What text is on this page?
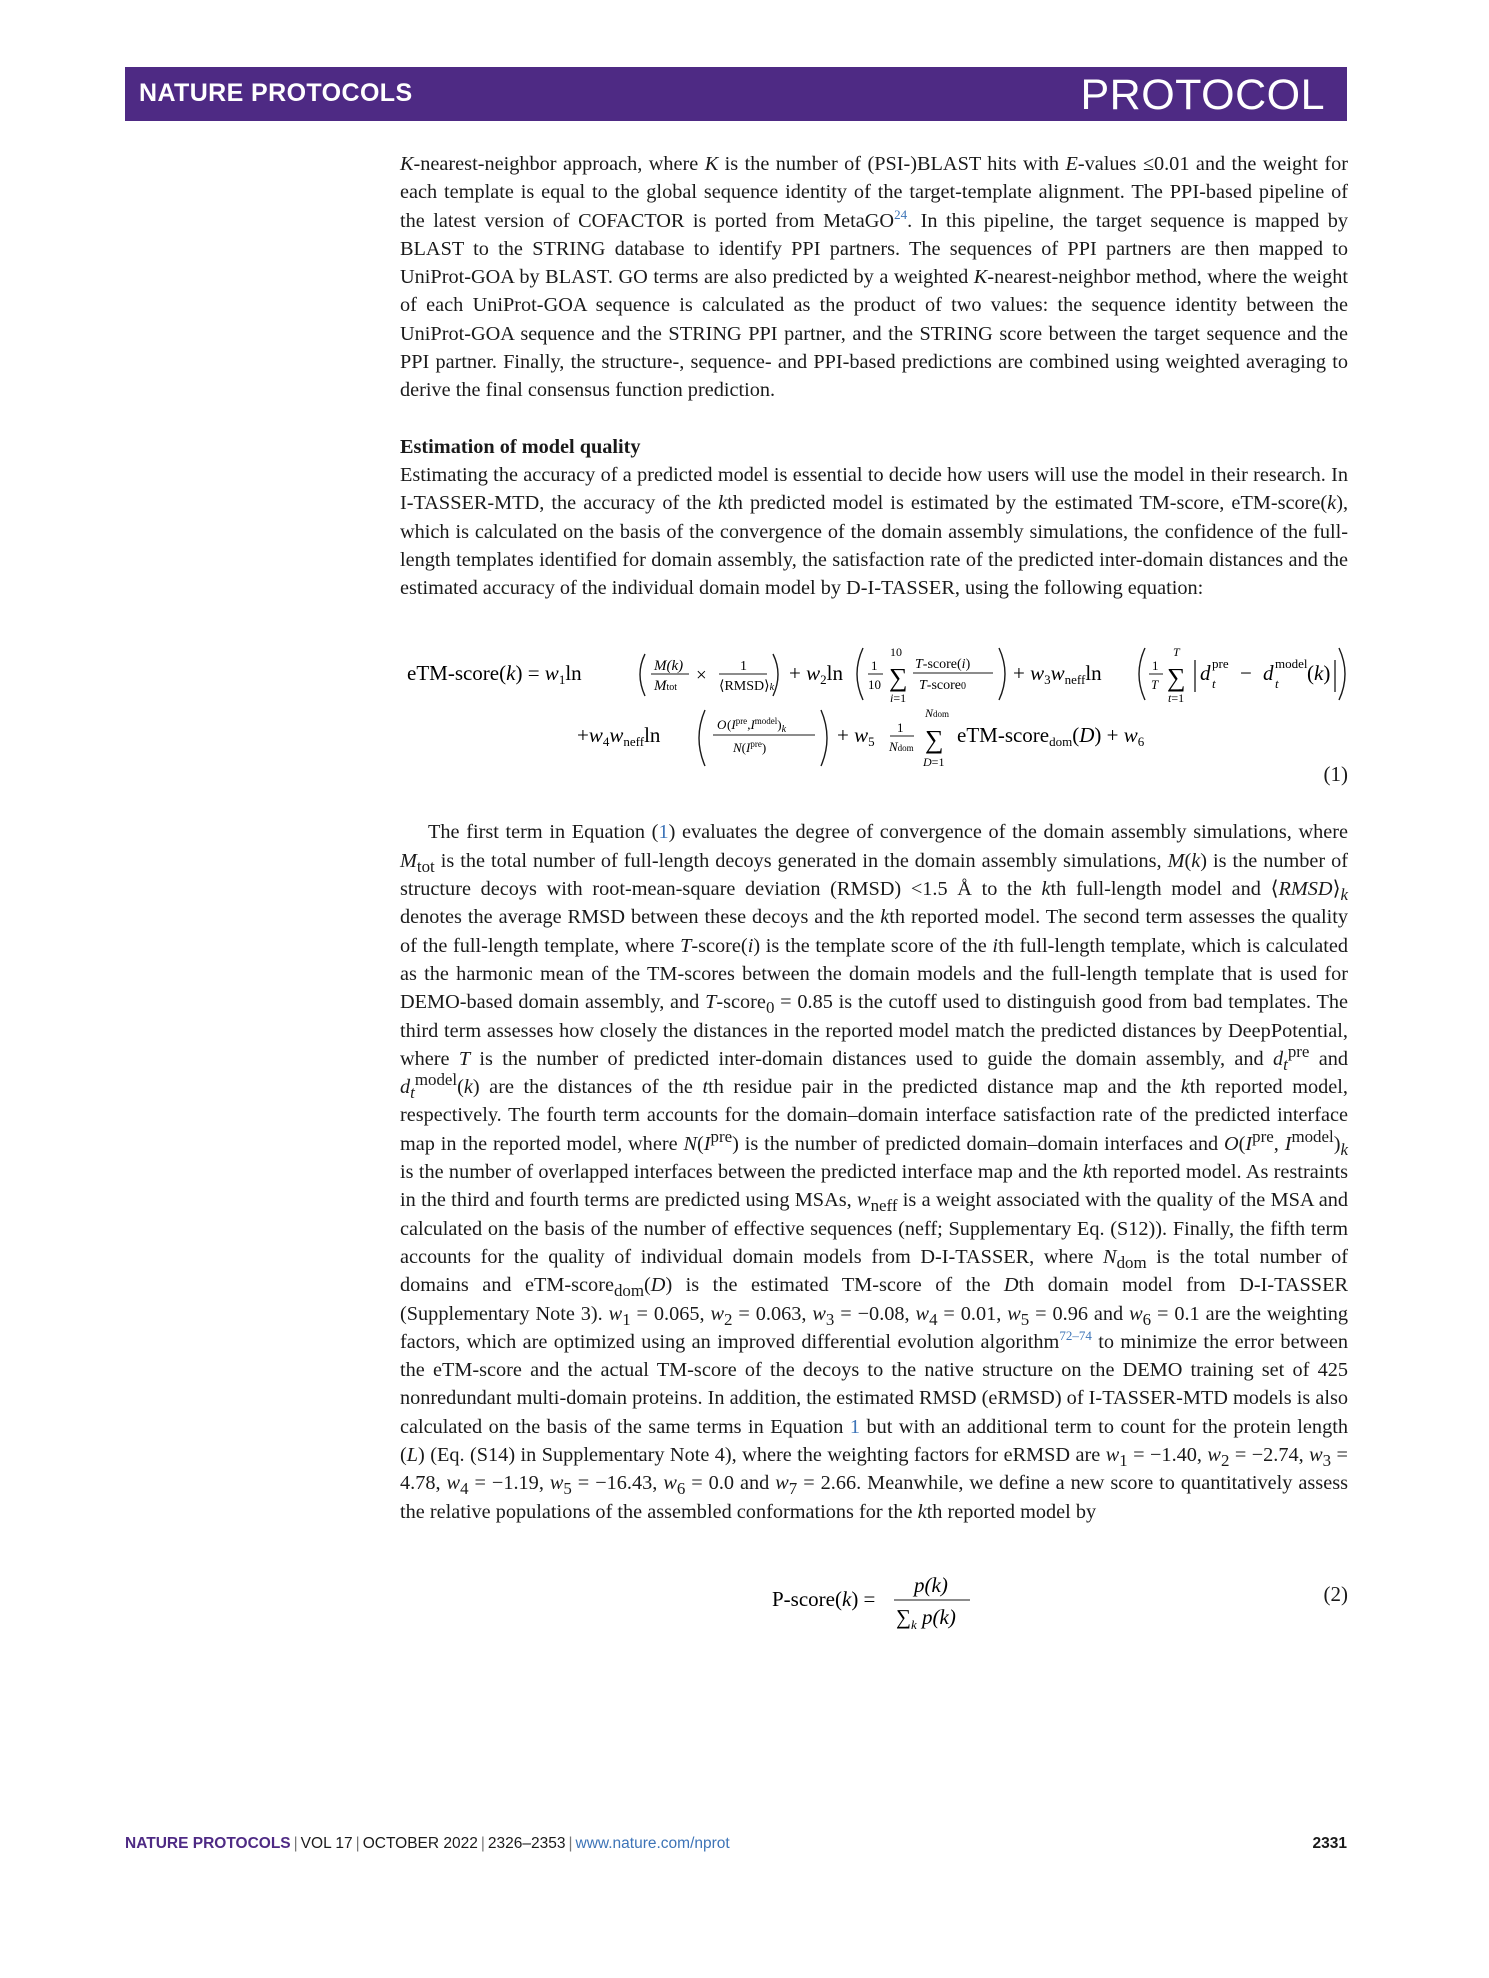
NATURE PROTOCOLS	PROTOCOL

K-nearest-neighbor approach, where K is the number of (PSI-)BLAST hits with E-values ≤0.01 and the weight for each template is equal to the global sequence identity of the target-template alignment. The PPI-based pipeline of the latest version of COFACTOR is ported from MetaGO$^{24}$. In this pipeline, the target sequence is mapped by BLAST to the STRING database to identify PPI partners. The sequences of PPI partners are then mapped to UniProt-GOA by BLAST. GO terms are also predicted by a weighted K-nearest-neighbor method, where the weight of each UniProt-GOA sequence is calculated as the product of two values: the sequence identity between the UniProt-GOA sequence and the STRING PPI partner, and the STRING score between the target sequence and the PPI partner. Finally, the structure-, sequence- and PPI-based predictions are combined using weighted averaging to derive the final consensus function prediction.

Estimation of model quality

Estimating the accuracy of a predicted model is essential to decide how users will use the model in their research. In I-TASSER-MTD, the accuracy of the kth predicted model is estimated by the estimated TM-score, eTM-score(k), which is calculated on the basis of the convergence of the domain assembly simulations, the confidence of the full-length templates identified for domain assembly, the satisfaction rate of the predicted inter-domain distances and the estimated accuracy of the individual domain model by D-I-TASSER, using the following equation:

eTM-score(k) = w1ln	M(k)
Mtot
× 1
⟨RMSD⟩k
+ w2ln 1
10
10
∑
i=1
T-score(i)
T-score0
+ w3wneffln	1
T
T
∑
t=1
d pre
t − d model
t (k)
+w4wneffln	O $(I^{pre},I^{model})_k$
$N(I^{pre})$
+ w5
1
Ndom
Ndom
∑
D=1
eTM-scoredom(D) + w6
(1)

The first term in Equation (1) evaluates the degree of convergence of the domain assembly simulations, where $M_{tot}$ is the total number of full-length decoys generated in the domain assembly simulations, M(k) is the number of structure decoys with root-mean-square deviation (RMSD) <1.5 Å to the kth full-length model and $⟨RMSD⟩_k$ denotes the average RMSD between these decoys and the kth reported model. The second term assesses the quality of the full-length template, where T-score(i) is the template score of the ith full-length template, which is calculated as the harmonic mean of the TM-scores between the domain models and the full-length template that is used for DEMO-based domain assembly, and T-score$_0$ = 0.85 is the cutoff used to distinguish good from bad templates. The third term assesses how closely the distances in the reported model match the predicted distances by DeepPotential, where T is the number of predicted inter-domain distances used to guide the domain assembly, and $d_t^{pre}$ and $d_t^{model}(k)$ are the distances of the tth residue pair in the predicted distance map and the kth reported model, respectively. The fourth term accounts for the domain–domain interface satisfaction rate of the predicted interface map in the reported model, where $N(I^{pre})$ is the number of predicted domain–domain interfaces and $O(I^{pre}$, $I^{model})_k$ is the number of overlapped interfaces between the predicted interface map and the kth reported model. As restraints in the third and fourth terms are predicted using MSAs, $w_{neff}$ is a weight associated with the quality of the MSA and calculated on the basis of the number of effective sequences (neff; Supplementary Eq. (S12)). Finally, the fifth term accounts for the quality of individual domain models from D-I-TASSER, where $N_{dom}$ is the total number of domains and eTM-score$_{dom}$(D) is the estimated TM-score of the Dth domain model from D-I-TASSER (Supplementary Note 3). $w_1 = 0.065$, $w_2 = 0.063$, $w_3 = -0.08$, $w_4 = 0.01$, $w_5 = 0.96$ and $w_6 = 0.1$ are the weighting factors, which are optimized using an improved differential evolution algorithm$^{72-74}$ to minimize the error between the eTM-score and the actual TM-score of the decoys to the native structure on the DEMO training set of 425 nonredundant multi-domain proteins. In addition, the estimated RMSD (eRMSD) of I-TASSER-MTD models is also calculated on the basis of the same terms in Equation 1 but with an additional term to count for the protein length (L) (Eq. (S14) in Supplementary Note 4), where the weighting factors for eRMSD are $w_1 = -1.40$, $w_2 = -2.74$, $w_3 = 4.78$, $w_4 = -1.19$, $w_5 = -16.43$, $w_6 = 0.0$ and $w_7 = 2.66$. Meanwhile, we define a new score to quantitatively assess the relative populations of the assembled conformations for the kth reported model by

P-score(k) =
p(k)
$\sum_k$ p(k)
(2)
NATURE PROTOCOLS | VOL 17 | OCTOBER 2022 | 2326–2353 | www.nature.com/nprot	2331
